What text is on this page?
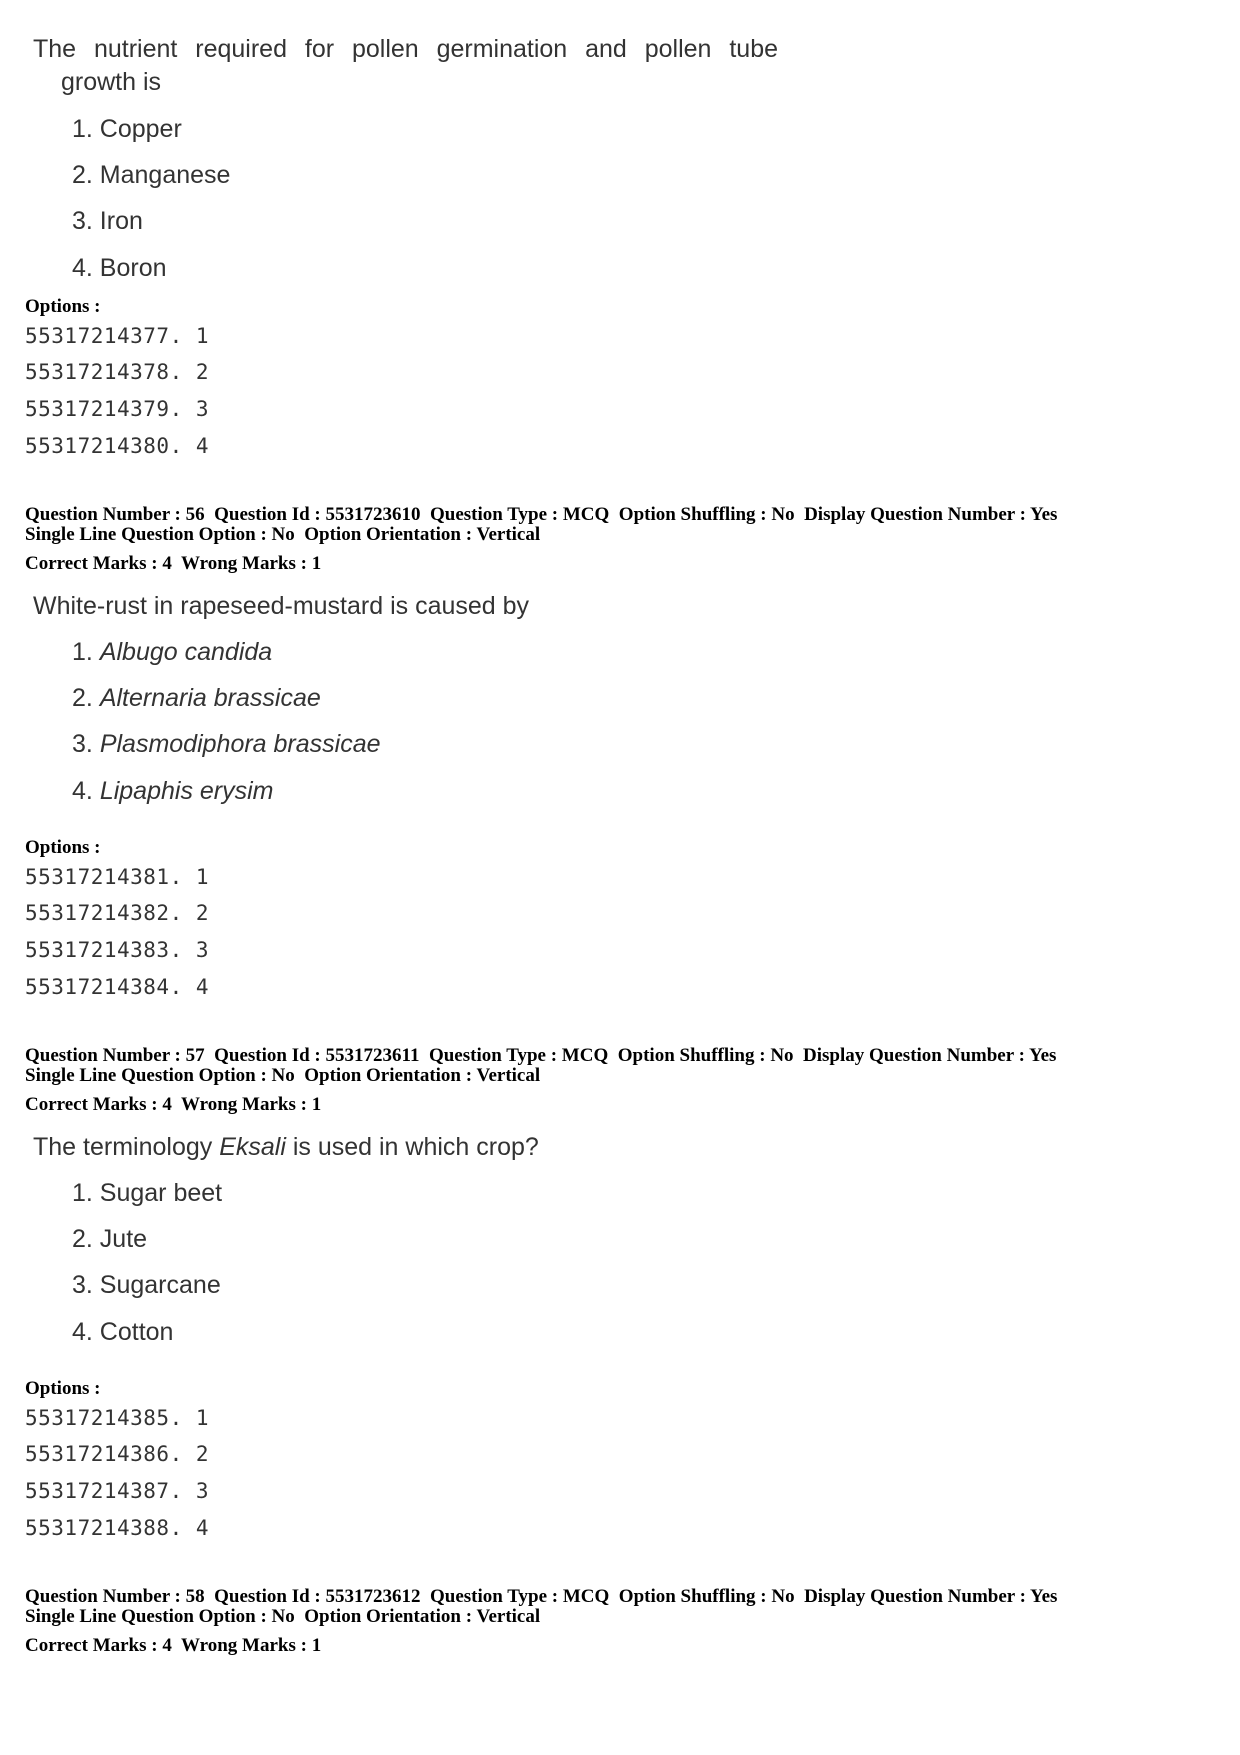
The nutrient required for pollen germination and pollen tube
growth is
1. Copper
2. Manganese
3. Iron
4. Boron
Options :
55317214377. 1
55317214378. 2
55317214379. 3
55317214380. 4
Question Number : 56  Question Id : 5531723610  Question Type : MCQ  Option Shuffling : No  Display Question Number : Yes
Single Line Question Option : No  Option Orientation : Vertical
Correct Marks : 4  Wrong Marks : 1
White-rust in rapeseed-mustard is caused by
1. Albugo candida
2. Alternaria brassicae
3. Plasmodiphora brassicae
4. Lipaphis erysim
Options :
55317214381. 1
55317214382. 2
55317214383. 3
55317214384. 4
Question Number : 57  Question Id : 5531723611  Question Type : MCQ  Option Shuffling : No  Display Question Number : Yes
Single Line Question Option : No  Option Orientation : Vertical
Correct Marks : 4  Wrong Marks : 1
The terminology Eksali is used in which crop?
1. Sugar beet
2. Jute
3. Sugarcane
4. Cotton
Options :
55317214385. 1
55317214386. 2
55317214387. 3
55317214388. 4
Question Number : 58  Question Id : 5531723612  Question Type : MCQ  Option Shuffling : No  Display Question Number : Yes
Single Line Question Option : No  Option Orientation : Vertical
Correct Marks : 4  Wrong Marks : 1
